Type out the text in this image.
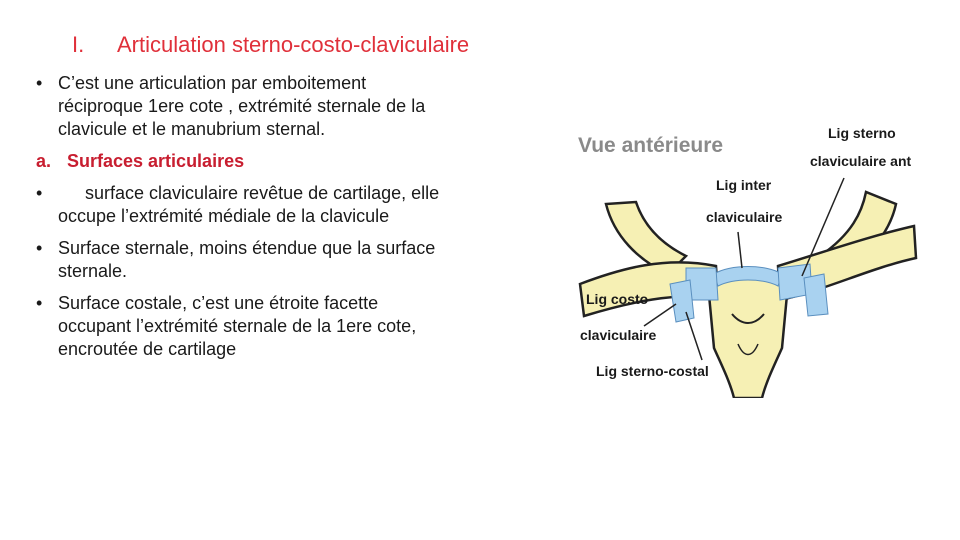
I. Articulation sterno-costo-claviculaire
• C’est une articulation par emboitement
réciproque 1ere cote , extrémité sternale de la
clavicule et le manubrium sternal.
a. Surfaces articulaires
• surface claviculaire revêtue de cartilage, elle
occupe l’extrémité médiale de la clavicule
• Surface sternale, moins étendue que la surface
sternale.
• Surface costale, c’est une étroite facette
occupant l’extrémité sternale de la 1ere cote,
encroutée de cartilage
Vue antérieure
Lig sterno
claviculaire ant
Lig inter
claviculaire
Lig costo
claviculaire
Lig sterno-costal
